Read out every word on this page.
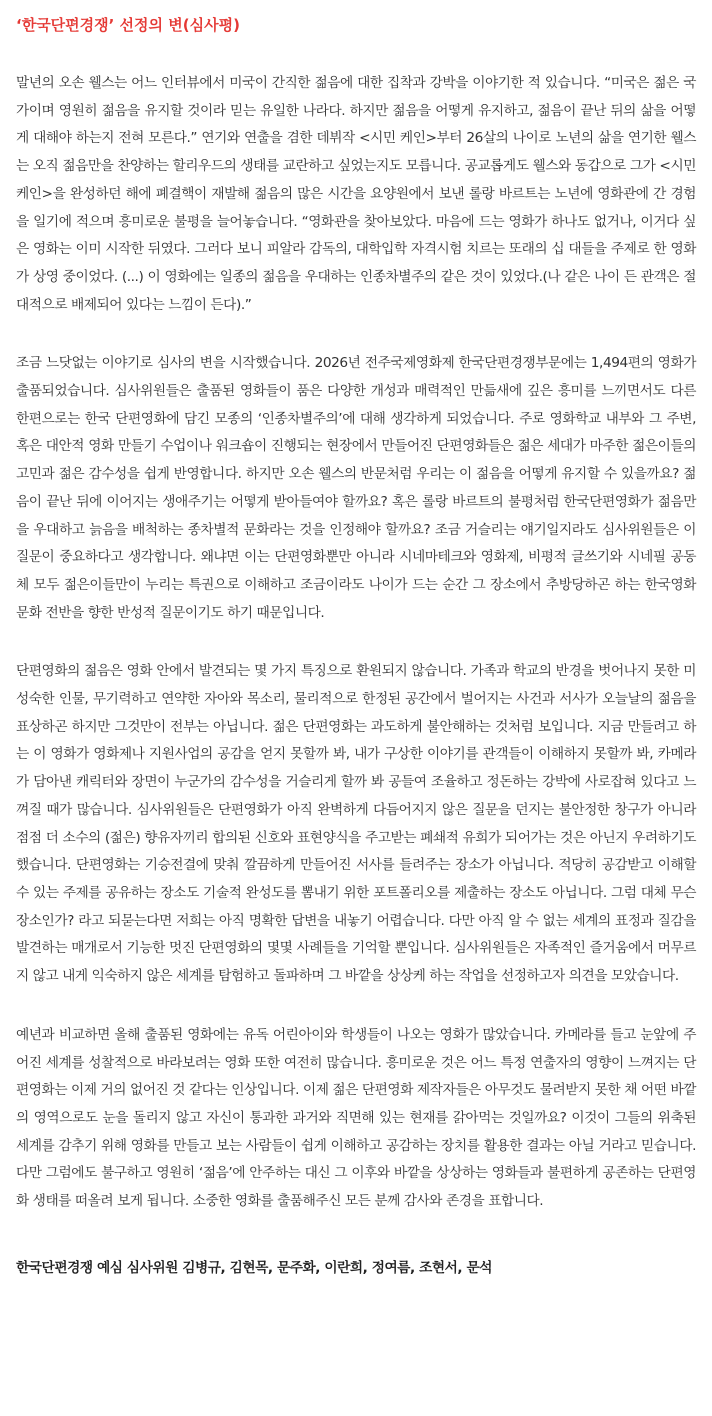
‘한국단편경쟁’ 선정의 변(심사평)

말년의 오손 웰스는 어느 인터뷰에서 미국이 간직한 젊음에 대한 집착과 강박을 이야기한 적 있습니다. “미국은 젊은 국가이며 영원히 젊음을 유지할 것이라 믿는 유일한 나라다. 하지만 젊음을 어떻게 유지하고, 젊음이 끝난 뒤의 삶을 어떻게 대해야 하는지 전혀 모른다.” 연기와 연출을 겸한 데뷔작 <시민 케인>부터 26살의 나이로 노년의 삶을 연기한 웰스는 오직 젊음만을 찬양하는 할리우드의 생태를 교란하고 싶었는지도 모릅니다. 공교롭게도 웰스와 동갑으로 그가 <시민 케인>을 완성하던 해에 폐결핵이 재발해 젊음의 많은 시간을 요양원에서 보낸 롤랑 바르트는 노년에 영화관에 간 경험을 일기에 적으며 흥미로운 불평을 늘어놓습니다. “영화관을 찾아보았다. 마음에 드는 영화가 하나도 없거나, 이거다 싶은 영화는 이미 시작한 뒤였다. 그러다 보니 피알라 감독의, 대학입학 자격시험 치르는 또래의 십 대들을 주제로 한 영화가 상영 중이었다. (...) 이 영화에는 일종의 젊음을 우대하는 인종차별주의 같은 것이 있었다.(나 같은 나이 든 관객은 절대적으로 배제되어 있다는 느낌이 든다).”

조금 느닷없는 이야기로 심사의 변을 시작했습니다. 2026년 전주국제영화제 한국단편경쟁부문에는 1,494편의 영화가 출품되었습니다. 심사위원들은 출품된 영화들이 품은 다양한 개성과 매력적인 만듦새에 깊은 흥미를 느끼면서도 다른 한편으로는 한국 단편영화에 담긴 모종의 ‘인종차별주의’에 대해 생각하게 되었습니다. 주로 영화학교 내부와 그 주변, 혹은 대안적 영화 만들기 수업이나 워크숍이 진행되는 현장에서 만들어진 단편영화들은 젊은 세대가 마주한 젊은이들의 고민과 젊은 감수성을 쉽게 반영합니다. 하지만 오손 웰스의 반문처럼 우리는 이 젊음을 어떻게 유지할 수 있을까요? 젊음이 끝난 뒤에 이어지는 생애주기는 어떻게 받아들여야 할까요? 혹은 롤랑 바르트의 불평처럼 한국단편영화가 젊음만을 우대하고 늙음을 배척하는 종차별적 문화라는 것을 인정해야 할까요? 조금 거슬리는 얘기일지라도 심사위원들은 이 질문이 중요하다고 생각합니다. 왜냐면 이는 단편영화뿐만 아니라 시네마테크와 영화제, 비평적 글쓰기와 시네필 공동체 모두 젊은이들만이 누리는 특권으로 이해하고 조금이라도 나이가 드는 순간 그 장소에서 추방당하곤 하는 한국영화문화 전반을 향한 반성적 질문이기도 하기 때문입니다.

단편영화의 젊음은 영화 안에서 발견되는 몇 가지 특징으로 환원되지 않습니다. 가족과 학교의 반경을 벗어나지 못한 미성숙한 인물, 무기력하고 연약한 자아와 목소리, 물리적으로 한정된 공간에서 벌어지는 사건과 서사가 오늘날의 젊음을 표상하곤 하지만 그것만이 전부는 아닙니다. 젊은 단편영화는 과도하게 불안해하는 것처럼 보입니다. 지금 만들려고 하는 이 영화가 영화제나 지원사업의 공감을 얻지 못할까 봐, 내가 구상한 이야기를 관객들이 이해하지 못할까 봐, 카메라가 담아낸 캐릭터와 장면이 누군가의 감수성을 거슬리게 할까 봐 공들여 조율하고 정돈하는 강박에 사로잡혀 있다고 느껴질 때가 많습니다. 심사위원들은 단편영화가 아직 완벽하게 다듬어지지 않은 질문을 던지는 불안정한 창구가 아니라 점점 더 소수의 (젊은) 향유자끼리 합의된 신호와 표현양식을 주고받는 폐쇄적 유희가 되어가는 것은 아닌지 우려하기도 했습니다. 단편영화는 기승전결에 맞춰 깔끔하게 만들어진 서사를 들려주는 장소가 아닙니다. 적당히 공감받고 이해할 수 있는 주제를 공유하는 장소도 기술적 완성도를 뽐내기 위한 포트폴리오를 제출하는 장소도 아닙니다. 그럼 대체 무슨 장소인가? 라고 되묻는다면 저희는 아직 명확한 답변을 내놓기 어렵습니다. 다만 아직 알 수 없는 세계의 표정과 질감을 발견하는 매개로서 기능한 멋진 단편영화의 몇몇 사례들을 기억할 뿐입니다. 심사위원들은 자족적인 즐거움에서 머무르지 않고 내게 익숙하지 않은 세계를 탐험하고 돌파하며 그 바깥을 상상케 하는 작업을 선정하고자 의견을 모았습니다.

예년과 비교하면 올해 출품된 영화에는 유독 어린아이와 학생들이 나오는 영화가 많았습니다. 카메라를 들고 눈앞에 주어진 세계를 성찰적으로 바라보려는 영화 또한 여전히 많습니다. 흥미로운 것은 어느 특정 연출자의 영향이 느껴지는 단편영화는 이제 거의 없어진 것 같다는 인상입니다. 이제 젊은 단편영화 제작자들은 아무것도 물려받지 못한 채 어떤 바깥의 영역으로도 눈을 돌리지 않고 자신이 통과한 과거와 직면해 있는 현재를 갉아먹는 것일까요? 이것이 그들의 위축된 세계를 감추기 위해 영화를 만들고 보는 사람들이 쉽게 이해하고 공감하는 장치를 활용한 결과는 아닐 거라고 믿습니다. 다만 그럼에도 불구하고 영원히 ‘젊음’에 안주하는 대신 그 이후와 바깥을 상상하는 영화들과 불편하게 공존하는 단편영화 생태를 떠올려 보게 됩니다. 소중한 영화를 출품해주신 모든 분께 감사와 존경을 표합니다.

한국단편경쟁 예심 심사위원 김병규, 김현목, 문주화, 이란희, 정여름, 조현서, 문석
